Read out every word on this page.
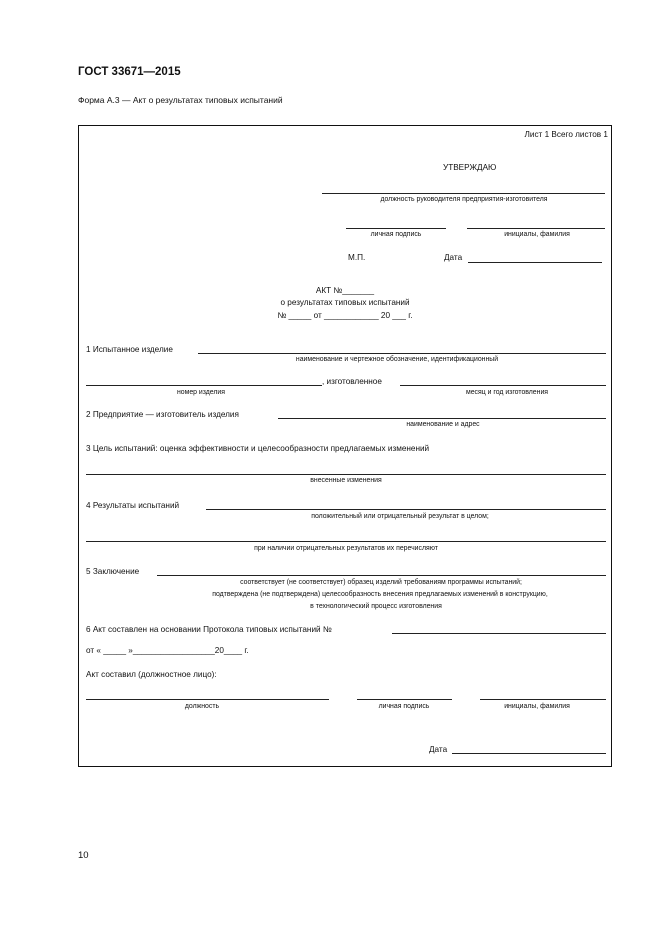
ГОСТ 33671—2015
Форма А.3 — Акт о результатах типовых испытаний
Лист 1 Всего листов 1
УТВЕРЖДАЮ
должность руководителя предприятия-изготовителя
личная подпись	инициалы, фамилия
М.П.	Дата
АКТ №_______
о результатах типовых испытаний
№ _____ от ____________ 20 ___ г.
1 Испытанное изделие
наименование и чертежное обозначение, идентификационный
, изготовленное
номер изделия	месяц и год изготовления
2 Предприятие — изготовитель изделия
наименование и адрес
3 Цель испытаний: оценка эффективности и целесообразности предлагаемых изменений
внесенные изменения
4 Результаты испытаний
положительный или отрицательный результат в целом;
при наличии отрицательных результатов их перечисляют
5 Заключение
соответствует (не соответствует) образец изделий требованиям программы испытаний;
подтверждена (не подтверждена) целесообразность внесения предлагаемых изменений в конструкцию,
в технологический процесс изготовления
6 Акт составлен на основании Протокола типовых испытаний №
от « _____ »__________________20____ г.
Акт составил (должностное лицо):
должность	личная подпись	инициалы, фамилия
Дата
10
